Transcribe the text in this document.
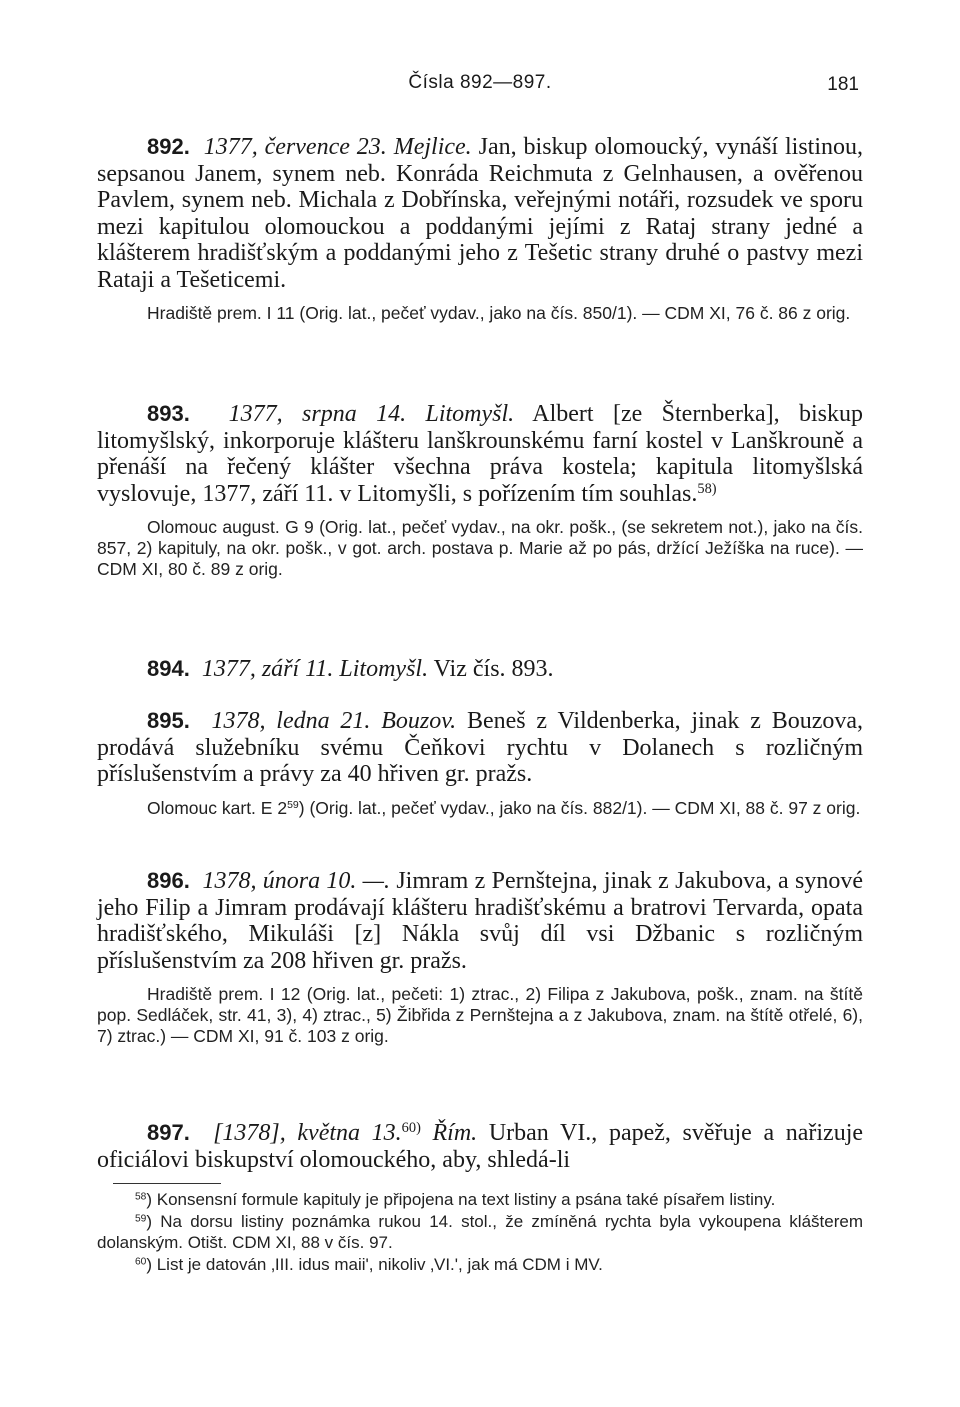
Čísla 892—897.	181

892. 1377, července 23. Mejlice. Jan, biskup olomoucký, vynáší listinou, sepsanou Janem, synem neb. Konráda Reichmuta z Gelnhausen, a ověřenou Pavlem, synem neb. Michala z Dobřínska, veřejnými notáři, rozsudek ve sporu mezi kapitulou olomouckou a poddanými jejími z Rataj strany jedné a klášterem hradišťským a poddanými jeho z Tešetic strany druhé o pastvy mezi Rataji a Tešeticemi.

Hradiště prem. I 11 (Orig. lat., pečeť vydav., jako na čís. 850/1). — CDM XI, 76 č. 86 z orig.

893. 1377, srpna 14. Litomyšl. Albert [ze Šternberka], biskup litomyšlský, inkorporuje klášteru lanškrounskému farní kostel v Lanškrouně a přenáší na řečený klášter všechna práva kostela; kapitula litomyšlská vyslovuje, 1377, září 11. v Litomyšli, s pořízením tím souhlas.$^{58)}$

Olomouc august. G 9 (Orig. lat., pečeť vydav., na okr. pošk., (se sekretem not.), jako na čís. 857, 2) kapituly, na okr. pošk., v got. arch. postava p. Marie až po pás, držící Ježíška na ruce). — CDM XI, 80 č. 89 z orig.

894. 1377, září 11. Litomyšl. Viz čís. 893.

895. 1378, ledna 21. Bouzov. Beneš z Vildenberka, jinak z Bouzova, prodává služebníku svému Čeňkovi rychtu v Dolanech s rozličným příslušenstvím a právy za 40 hřiven gr. pražs.

Olomouc kart. E $2^{59}$) (Orig. lat., pečeť vydav., jako na čís. 882/1). — CDM XI, 88 č. 97 z orig.

896. 1378, února 10. —. Jimram z Pernštejna, jinak z Jakubova, a synové jeho Filip a Jimram prodávají klášteru hradišťskému a bratrovi Tervarda, opata hradišťského, Mikuláši [z] Nákla svůj díl vsi Džbanic s rozličným příslušenstvím za 208 hřiven gr. pražs.

Hradiště prem. I 12 (Orig. lat., pečeti: 1) ztrac., 2) Filipa z Jakubova, pošk., znam. na štítě pop. Sedláček, str. 41, 3), 4) ztrac., 5) Žibřida z Pernštejna a z Jakubova, znam. na štítě otřelé, 6), 7) ztrac.) — CDM XI, 91 č. 103 z orig.

897. [1378], května 13.$^{60)}$ Řím. Urban VI., papež, svěřuje a nařizuje oficiálovi biskupství olomouckého, aby, shledá-li

$^{58}$) Konsensní formule kapituly je připojena na text listiny a psána také písařem listiny.

$^{59}$) Na dorsu listiny poznámka rukou 14. stol., že zmíněná rychta byla vykoupena klášterem dolanským. Otišt. CDM XI, 88 v čís. 97.

$^{60}$) List je datován ‚III. idus maii', nikoliv ‚VI.', jak má CDM i MV.
